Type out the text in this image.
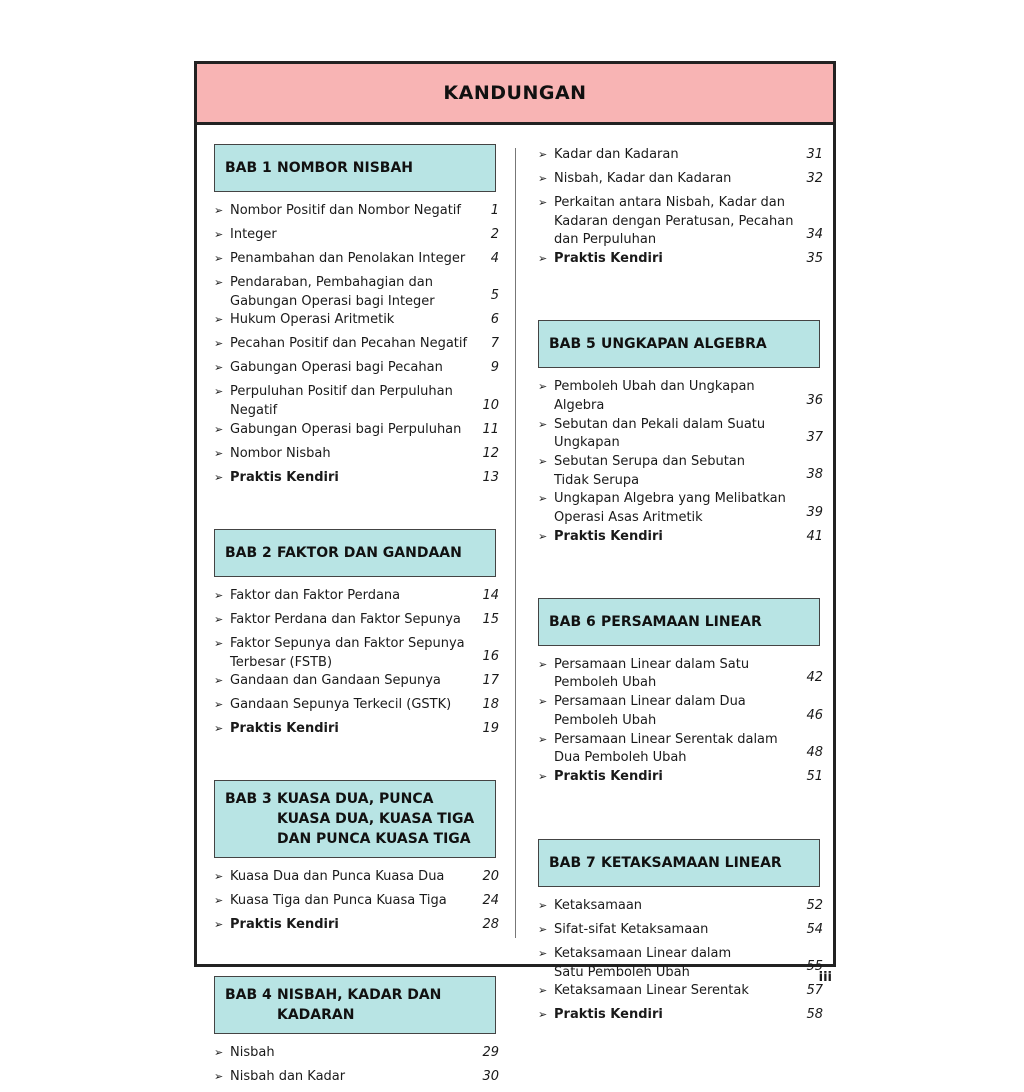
KANDUNGAN
BAB 1 NOMBOR NISBAH
➢ Nombor Positif dan Nombor Negatif	1
➢ Integer	2
➢ Penambahan dan Penolakan Integer	4
➢ Pendaraban, Pembahagian dan
Gabungan Operasi bagi Integer	5
➢ Hukum Operasi Aritmetik	6
➢ Pecahan Positif dan Pecahan Negatif	7
➢ Gabungan Operasi bagi Pecahan	9
➢ Perpuluhan Positif dan Perpuluhan
Negatif	10
➢ Gabungan Operasi bagi Perpuluhan	11
➢ Nombor Nisbah	12
➢ Praktis Kendiri	13
BAB 2 FAKTOR DAN GANDAAN
➢ Faktor dan Faktor Perdana	14
➢ Faktor Perdana dan Faktor Sepunya	15
➢ Faktor Sepunya dan Faktor Sepunya
Terbesar (FSTB)	16
➢ Gandaan dan Gandaan Sepunya	17
➢ Gandaan Sepunya Terkecil (GSTK)	18
➢ Praktis Kendiri	19
BAB 3 KUASA DUA, PUNCA
KUASA DUA, KUASA TIGA
DAN PUNCA KUASA TIGA
➢ Kuasa Dua dan Punca Kuasa Dua	20
➢ Kuasa Tiga dan Punca Kuasa Tiga	24
➢ Praktis Kendiri	28
BAB 4 NISBAH, KADAR DAN
KADARAN
➢ Nisbah	29
➢ Nisbah dan Kadar	30
➢ Kadar dan Kadaran	31
➢ Nisbah, Kadar dan Kadaran	32
➢ Perkaitan antara Nisbah, Kadar dan
Kadaran dengan Peratusan, Pecahan
dan Perpuluhan	34
➢ Praktis Kendiri	35
BAB 5 UNGKAPAN ALGEBRA
➢ Pemboleh Ubah dan Ungkapan Algebra	36
➢ Sebutan dan Pekali dalam Suatu
Ungkapan	37
➢ Sebutan Serupa dan Sebutan
Tidak Serupa	38
➢ Ungkapan Algebra yang Melibatkan
Operasi Asas Aritmetik	39
➢ Praktis Kendiri	41
BAB 6 PERSAMAAN LINEAR
➢ Persamaan Linear dalam Satu
Pemboleh Ubah	42
➢ Persamaan Linear dalam Dua
Pemboleh Ubah	46
➢ Persamaan Linear Serentak dalam
Dua Pemboleh Ubah	48
➢ Praktis Kendiri	51
BAB 7 KETAKSAMAAN LINEAR
➢ Ketaksamaan	52
➢ Sifat-sifat Ketaksamaan	54
➢ Ketaksamaan Linear dalam
Satu Pemboleh Ubah	55
➢ Ketaksamaan Linear Serentak	57
➢ Praktis Kendiri	58
iii
